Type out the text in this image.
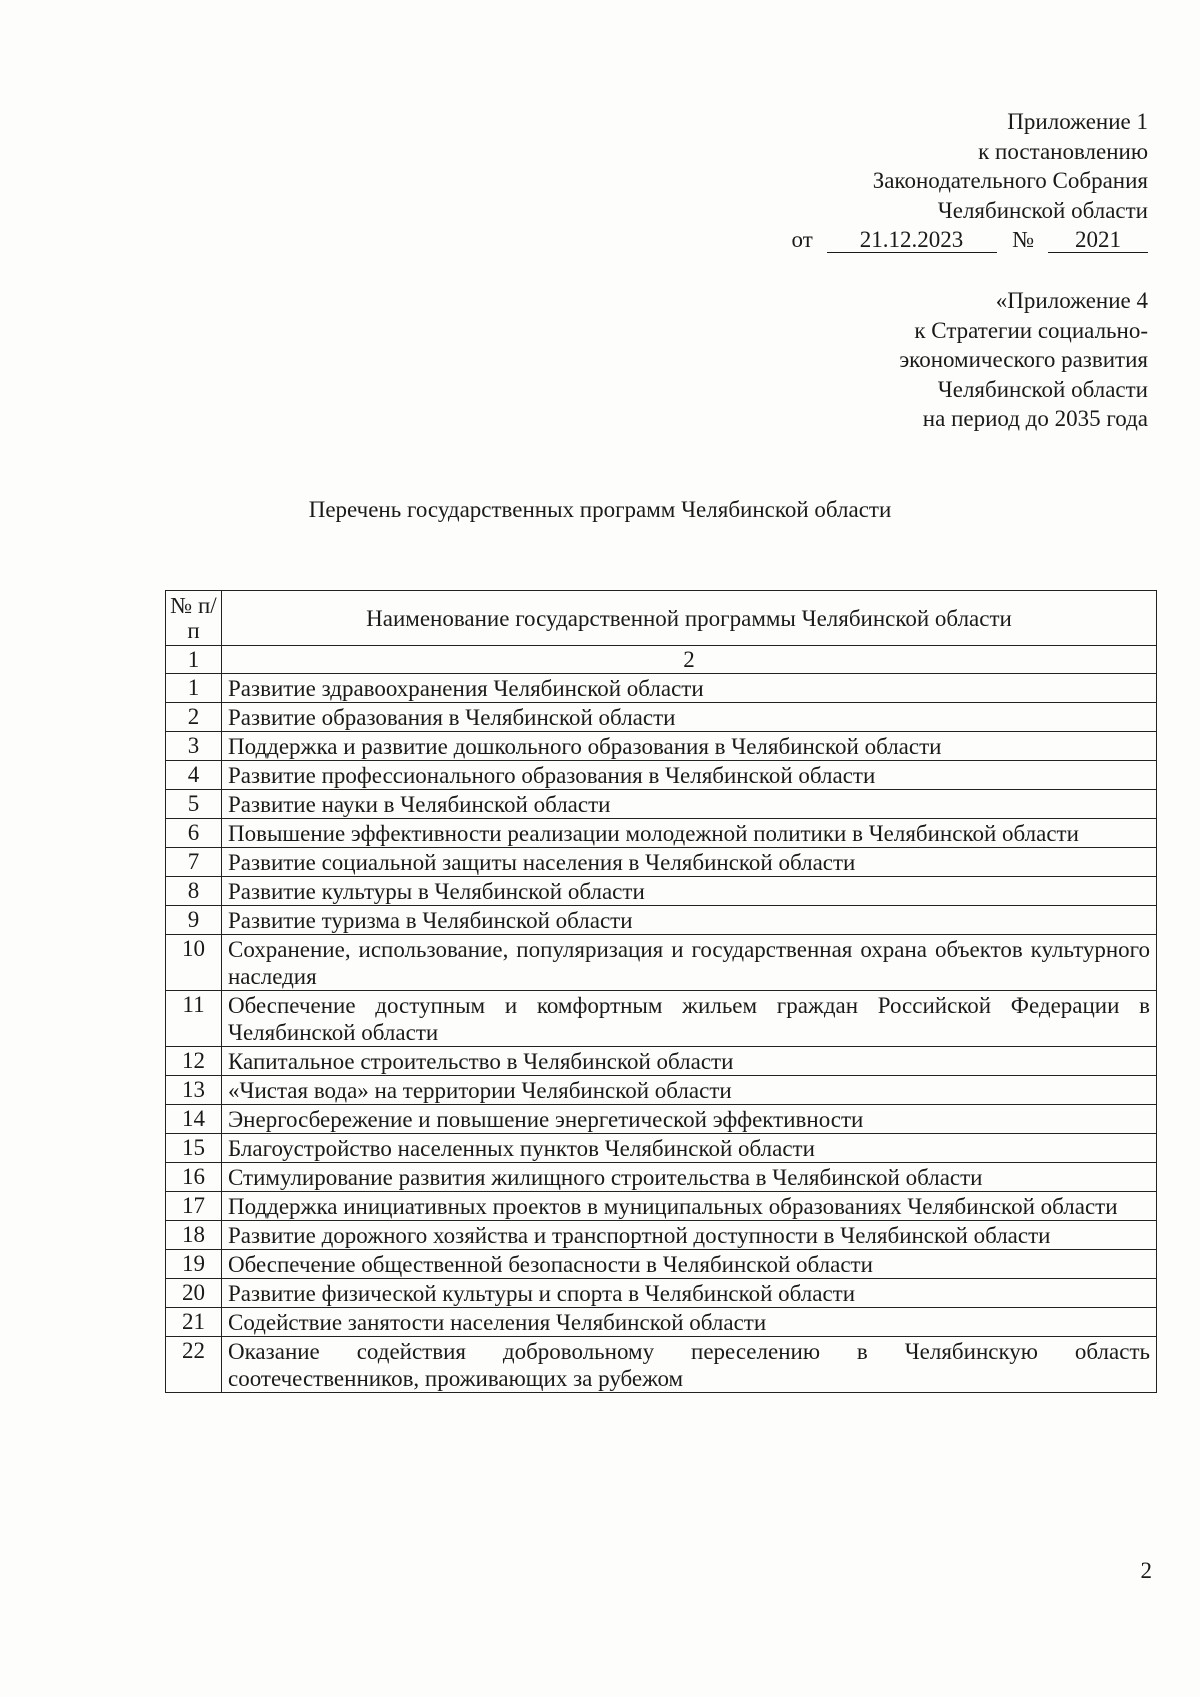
Приложение 1
к постановлению
Законодательного Собрания
Челябинской области
от 21.12.2023 № 2021
«Приложение 4
к Стратегии социально-
экономического развития
Челябинской области
на период до 2035 года
Перечень государственных программ Челябинской области
№ п/п	Наименование государственной программы Челябинской области
1	2
1	Развитие здравоохранения Челябинской области
2	Развитие образования в Челябинской области
3	Поддержка и развитие дошкольного образования в Челябинской области
4	Развитие профессионального образования в Челябинской области
5	Развитие науки в Челябинской области
6	Повышение эффективности реализации молодежной политики в Челябинской области
7	Развитие социальной защиты населения в Челябинской области
8	Развитие культуры в Челябинской области
9	Развитие туризма в Челябинской области
10	Сохранение, использование, популяризация и государственная охрана объектов культурного наследия
11	Обеспечение доступным и комфортным жильем граждан Российской Федерации в Челябинской области
12	Капитальное строительство в Челябинской области
13	«Чистая вода» на территории Челябинской области
14	Энергосбережение и повышение энергетической эффективности
15	Благоустройство населенных пунктов Челябинской области
16	Стимулирование развития жилищного строительства в Челябинской области
17	Поддержка инициативных проектов в муниципальных образованиях Челябинской области
18	Развитие дорожного хозяйства и транспортной доступности в Челябинской области
19	Обеспечение общественной безопасности в Челябинской области
20	Развитие физической культуры и спорта в Челябинской области
21	Содействие занятости населения Челябинской области
22	Оказание содействия добровольному переселению в Челябинскую область соотечественников, проживающих за рубежом
2
